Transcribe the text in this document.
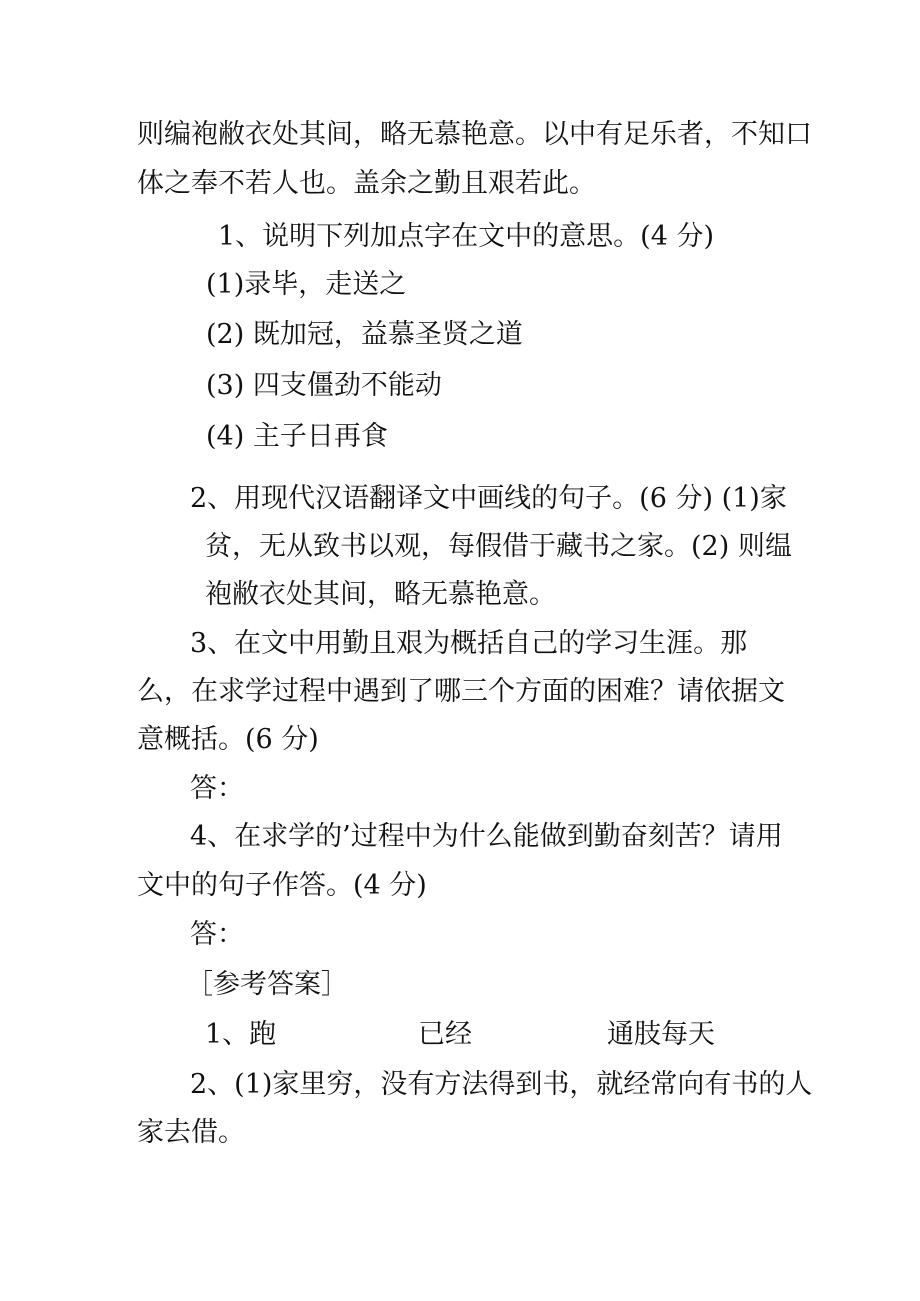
则编袍敝衣处其间，略无慕艳意。以中有足乐者，不知口
体之奉不若人也。盖余之勤且艰若此。
1、说明下列加点字在文中的意思。(4 分)
(1)录毕，走送之
(2) 既加冠，益慕圣贤之道
(3) 四支僵劲不能动
(4) 主子日再食
2、用现代汉语翻译文中画线的句子。(6 分) (1)家
贫，无从致书以观，每假借于藏书之家。(2) 则缊
袍敝衣处其间，略无慕艳意。
3、在文中用勤且艰为概括自己的学习生涯。那
么，在求学过程中遇到了哪三个方面的困难？请依据文
意概括。(6 分)
答：
4、在求学的’过程中为什么能做到勤奋刻苦？请用
文中的句子作答。(4 分)
答：
［参考答案］
1、跑	已经	通肢每天
2、(1)家里穷，没有方法得到书，就经常向有书的人
家去借。
